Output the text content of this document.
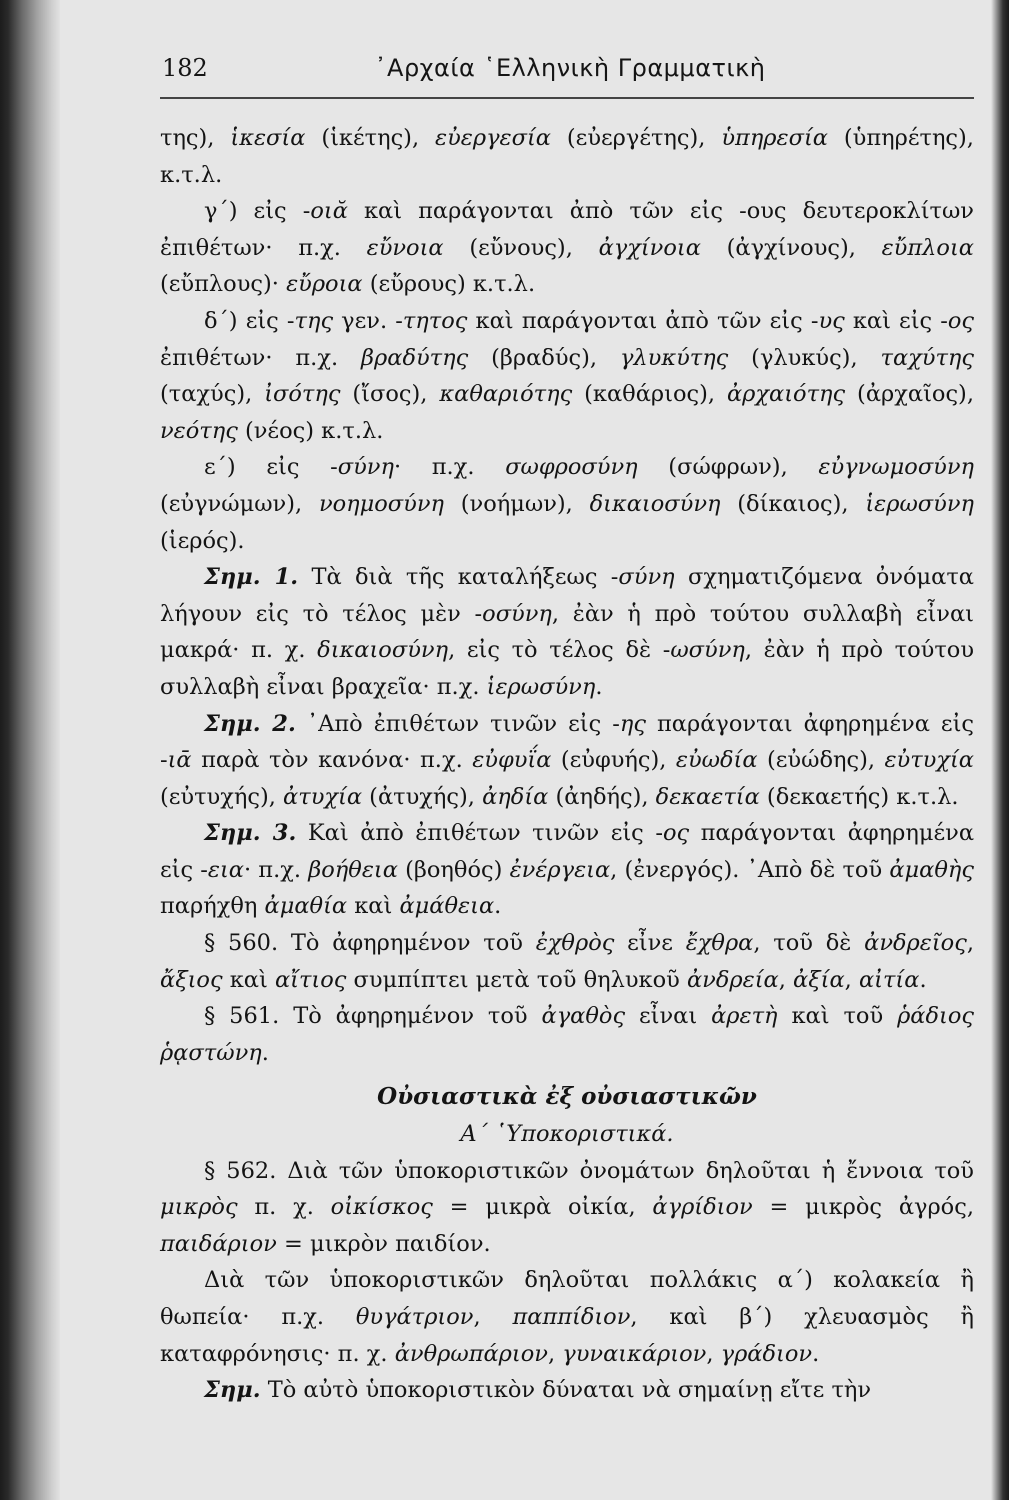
182	᾿Αρχαία ῾Ελληνικὴ Γραμματικὴ

της), ἱκεσία (ἱκέτης), εὐεργεσία (εὐεργέτης), ὑπηρεσία (ὑπηρέτης), κ.τ.λ.

γ΄) εἰς -οιᾰ καὶ παράγονται ἀπὸ τῶν εἰς -ους δευτεροκλίτων ἐπιθέτων· π.χ. εὔνοια (εὔνους), ἀγχίνοια (ἀγχίνους), εὔπλοια (εὔπλους)· εὔροια (εὔρους) κ.τ.λ.

δ΄) εἰς -της γεν. -τητος καὶ παράγονται ἀπὸ τῶν εἰς -υς καὶ εἰς -ος ἐπιθέτων· π.χ. βραδύτης (βραδύς), γλυκύτης (γλυκύς), ταχύτης (ταχύς), ἰσότης (ἴσος), καθαριότης (καθάριος), ἀρχαιότης (ἀρχαῖος), νεότης (νέος) κ.τ.λ.

ε΄) εἰς -σύνη· π.χ. σωφροσύνη (σώφρων), εὐγνωμοσύνη (εὐγνώμων), νοημοσύνη (νοήμων), δικαιοσύνη (δίκαιος), ἱερωσύνη (ἱερός).

Σημ. 1. Τὰ διὰ τῆς καταλήξεως -σύνη σχηματιζόμενα ὀνόματα λήγουν εἰς τὸ τέλος μὲν -οσύνη, ἐὰν ἡ πρὸ τούτου συλλαβὴ εἶναι μακρά· π. χ. δικαιοσύνη, εἰς τὸ τέλος δὲ -ωσύνη, ἐὰν ἡ πρὸ τούτου συλλαβὴ εἶναι βραχεῖα· π.χ. ἱερωσύνη.

Σημ. 2. ᾿Απὸ ἐπιθέτων τινῶν εἰς -ης παράγονται ἀφηρημένα εἰς -ιᾱ παρὰ τὸν κανόνα· π.χ. εὐφυΐα (εὐφυής), εὐωδία (εὐώδης), εὐτυχία (εὐτυχής), ἀτυχία (ἀτυχής), ἀηδία (ἀηδής), δεκαετία (δεκαετής) κ.τ.λ.

Σημ. 3. Καὶ ἀπὸ ἐπιθέτων τινῶν εἰς -ος παράγονται ἀφηρημένα εἰς -εια· π.χ. βοήθεια (βοηθός) ἐνέργεια, (ἐνεργός). ᾿Απὸ δὲ τοῦ ἀμαθὴς παρήχθη ἀμαθία καὶ ἀμάθεια.

§ 560. Τὸ ἀφηρημένον τοῦ ἐχθρὸς εἶνε ἔχθρα, τοῦ δὲ ἀνδρεῖος, ἄξιος καὶ αἴτιος συμπίπτει μετὰ τοῦ θηλυκοῦ ἀνδρεία, ἀξία, αἰτία.

§ 561. Τὸ ἀφηρημένον τοῦ ἀγαθὸς εἶναι ἀρετὴ καὶ τοῦ ῥάδιος ῥᾳστώνη.

Οὐσιαστικὰ ἐξ οὐσιαστικῶν

Α΄ ῾Υποκοριστικά.

§ 562. Διὰ τῶν ὑποκοριστικῶν ὀνομάτων δηλοῦται ἡ ἔννοια τοῦ μικρὸς π. χ. οἰκίσκος = μικρὰ οἰκία, ἀγρίδιον = μικρὸς ἀγρός, παιδάριον = μικρὸν παιδίον.

Διὰ τῶν ὑποκοριστικῶν δηλοῦται πολλάκις α΄) κολακεία ἢ θωπεία· π.χ. θυγάτριον, παππίδιον, καὶ β΄) χλευασμὸς ἢ καταφρόνησις· π. χ. ἀνθρωπάριον, γυναικάριον, γράδιον.

Σημ. Τὸ αὐτὸ ὑποκοριστικὸν δύναται νὰ σημαίνῃ εἴτε τὴν
